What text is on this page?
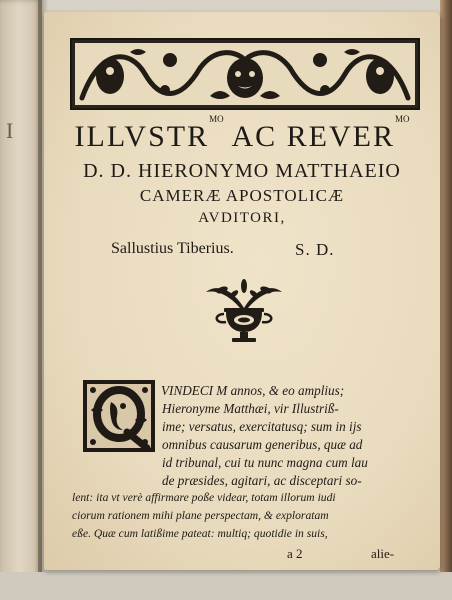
I	$ILLVSTR^{MO}$ AC $REVER^{MO}$
D. D. HIERONYMO MATTHAEIO
CAMERÆ APOSTOLICÆ
AVDITORI,
Sallustius Tiberius.	S. D.
VINDECI M annos, & eo amplius;
Hieronyme Matthæi, vir Illustriß-
ime; versatus, exercitatusq; sum in ijs
omnibus causarum generibus, quæ ad
id tribunal, cui tu nunc magna cum lau
de præsides, agitari, ac disceptari so-
lent: ita vt verè affirmare poße videar, totam illorum iudi
ciorum rationem mihi plane perspectam, & exploratam
eße. Quæ cum latißime pateat: multiq; quotidie in suis,
a 2	alie-
